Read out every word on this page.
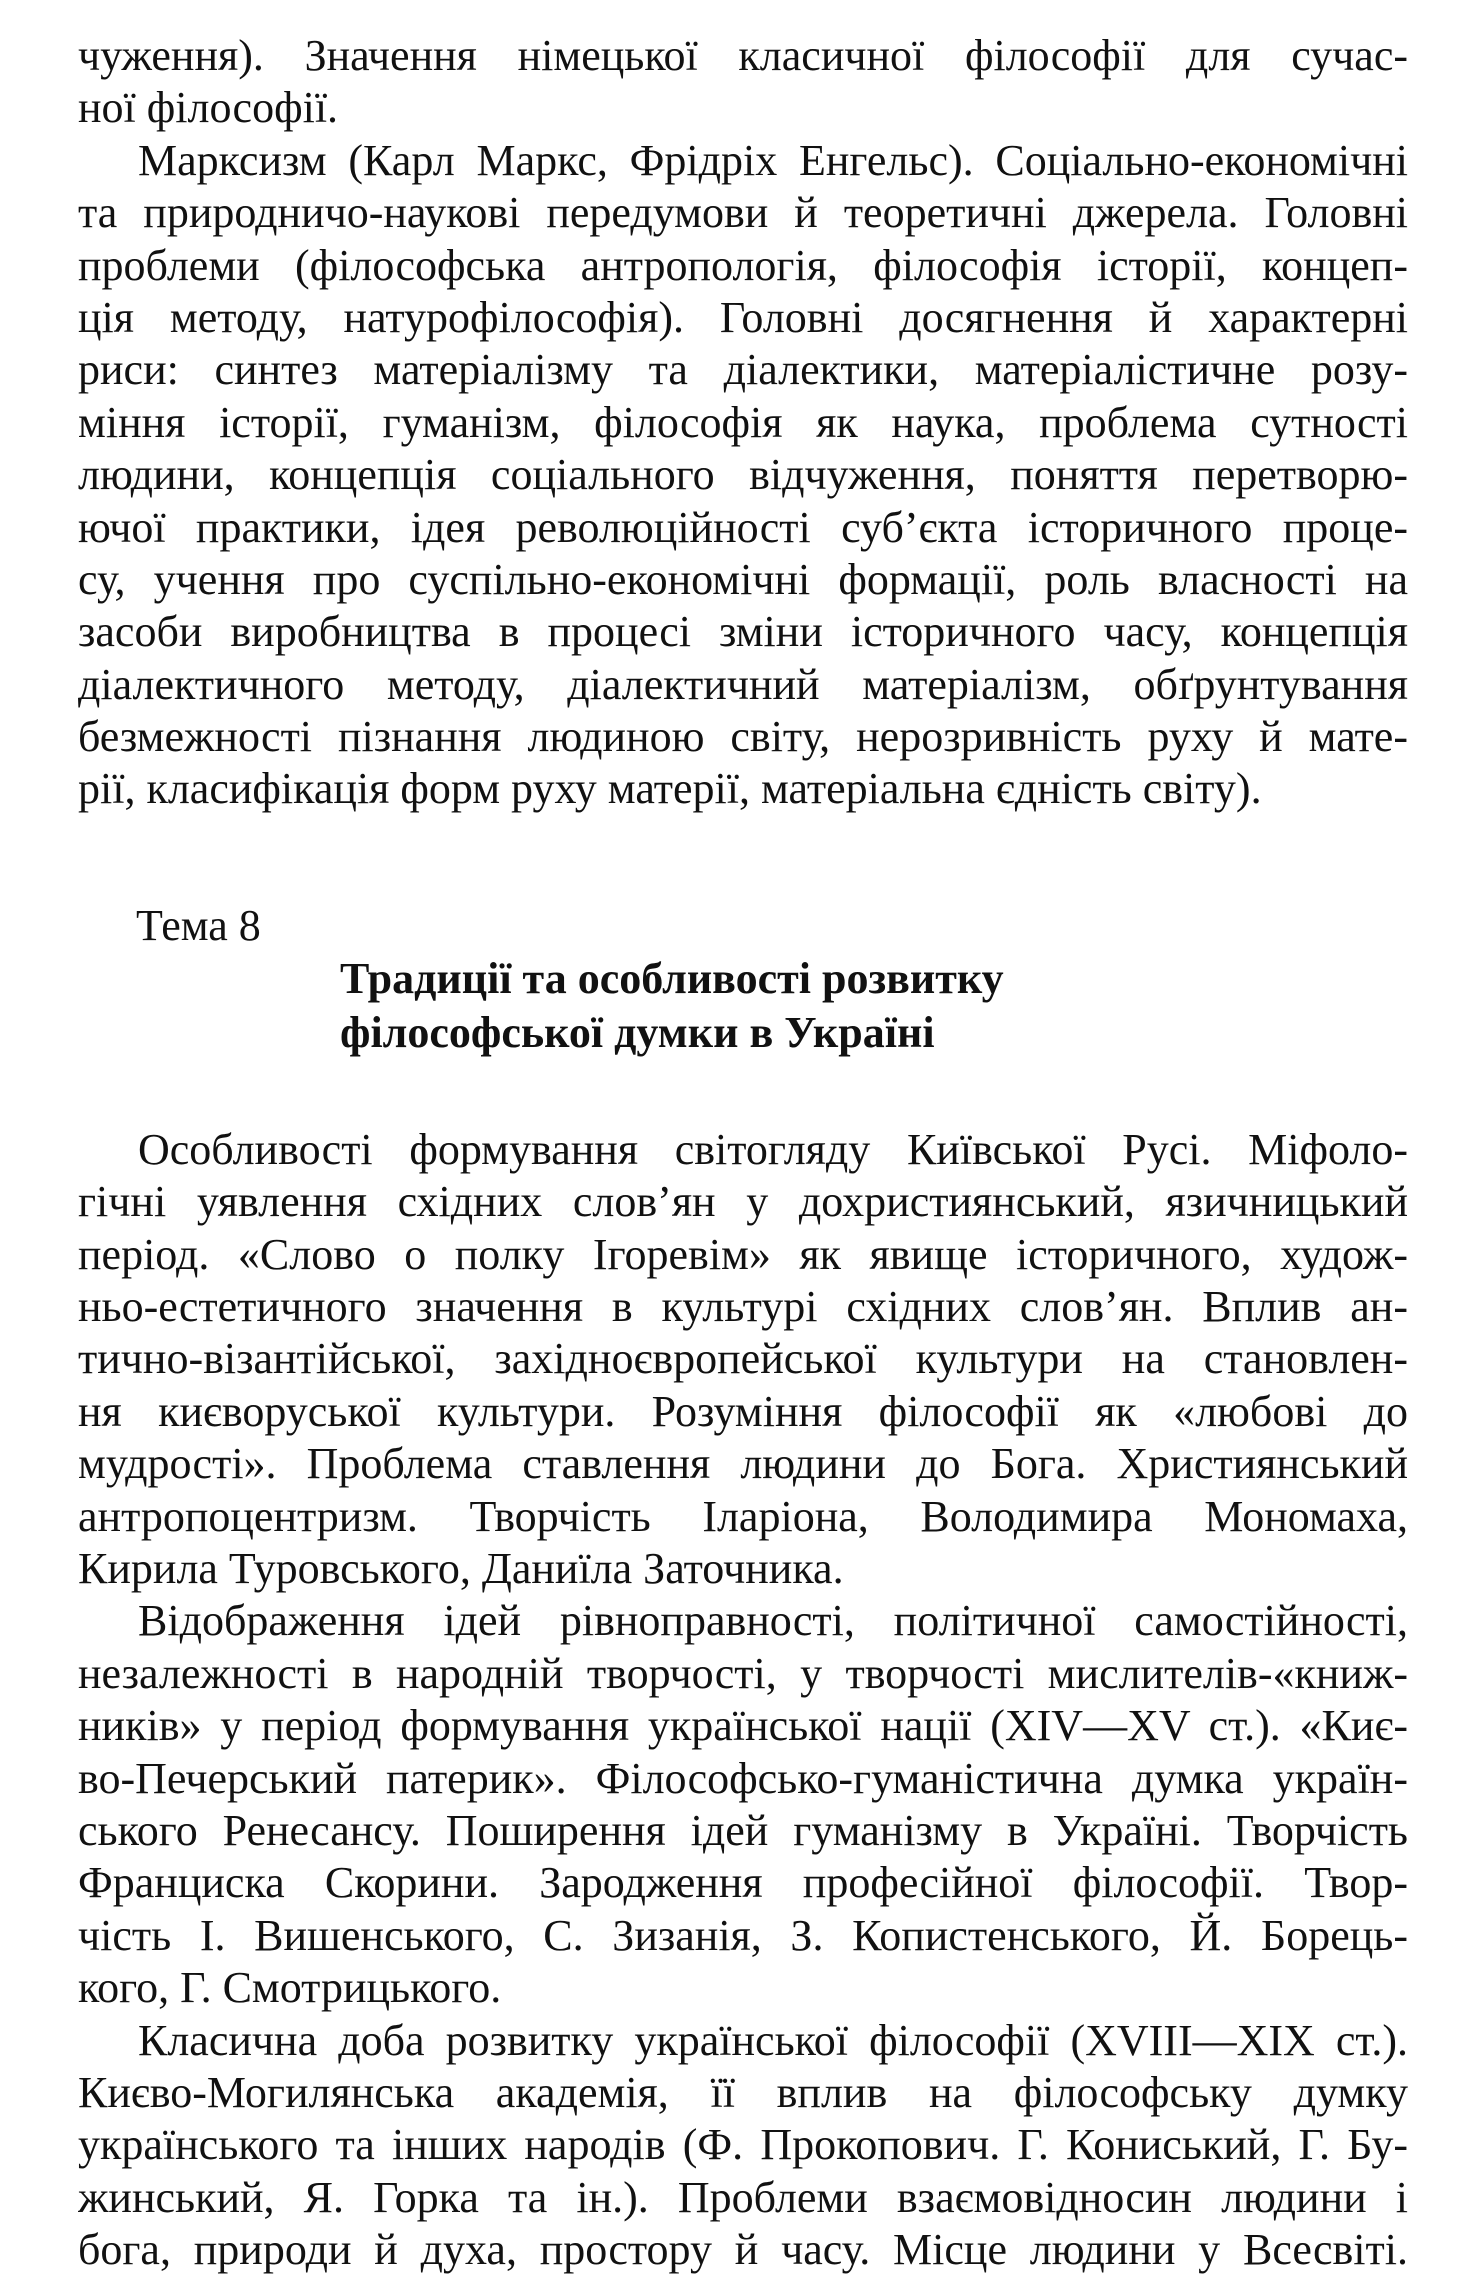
чуження). Значення німецької класичної філософії для сучас-
ної філософії.
Марксизм (Карл Маркс, Фрідріх Енгельс). Соціально-економічні
та природничо-наукові передумови й теоретичні джерела. Головні
проблеми (філософська антропологія, філософія історії, концеп-
ція методу, натурофілософія). Головні досягнення й характерні
риси: синтез матеріалізму та діалектики, матеріалістичне розу-
міння історії, гуманізм, філософія як наука, проблема сутності
людини, концепція соціального відчуження, поняття перетворю-
ючої практики, ідея революційності суб’єкта історичного проце-
су, учення про суспільно-економічні формації, роль власності на
засоби виробництва в процесі зміни історичного часу, концепція
діалектичного методу, діалектичний матеріалізм, обґрунтування
безмежності пізнання людиною світу, нерозривність руху й мате-
рії, класифікація форм руху матерії, матеріальна єдність світу).
Тема 8
Традиції та особливості розвитку
філософської думки в Україні
Особливості формування світогляду Київської Русі. Міфоло-
гічні уявлення східних слов’ян у дохристиянський, язичницький
період. «Слово о полку Ігоревім» як явище історичного, худож-
ньо-естетичного значення в культурі східних слов’ян. Вплив ан-
тично-візантійської, західноєвропейської культури на становлен-
ня києворуської культури. Розуміння філософії як «любові до
мудрості». Проблема ставлення людини до Бога. Християнський
антропоцентризм. Творчість Іларіона, Володимира Мономаха,
Кирила Туровського, Даниїла Заточника.
Відображення ідей рівноправності, політичної самостійності,
незалежності в народній творчості, у творчості мислителів-«книж-
ників» у період формування української нації (XIV—XV ст.). «Киє-
во-Печерський патерик». Філософсько-гуманістична думка україн-
ського Ренесансу. Поширення ідей гуманізму в Україні. Творчість
Франциска Скорини. Зародження професійної філософії. Твор-
чість І. Вишенського, С. Зизанія, З. Копистенського, Й. Борець-
кого, Г. Смотрицького.
Класична доба розвитку української філософії (XVIII—XIX ст.).
Києво-Могилянська академія, її вплив на філософську думку
українського та інших народів (Ф. Прокопович. Г. Кониський, Г. Бу-
жинський, Я. Горка та ін.). Проблеми взаємовідносин людини і
бога, природи й духа, простору й часу. Місце людини у Всесвіті.
